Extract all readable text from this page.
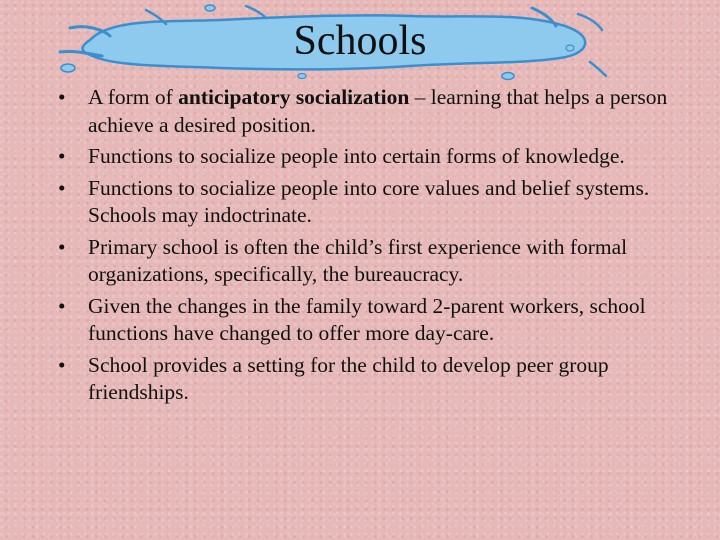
Schools
• A form of anticipatory socialization – learning that helps a person achieve a desired position.
• Functions to socialize people into certain forms of knowledge.
• Functions to socialize people into core values and belief systems. Schools may indoctrinate.
• Primary school is often the child’s first experience with formal organizations, specifically, the bureaucracy.
• Given the changes in the family toward 2-parent workers, school functions have changed to offer more day-care.
• School provides a setting for the child to develop peer group friendships.
